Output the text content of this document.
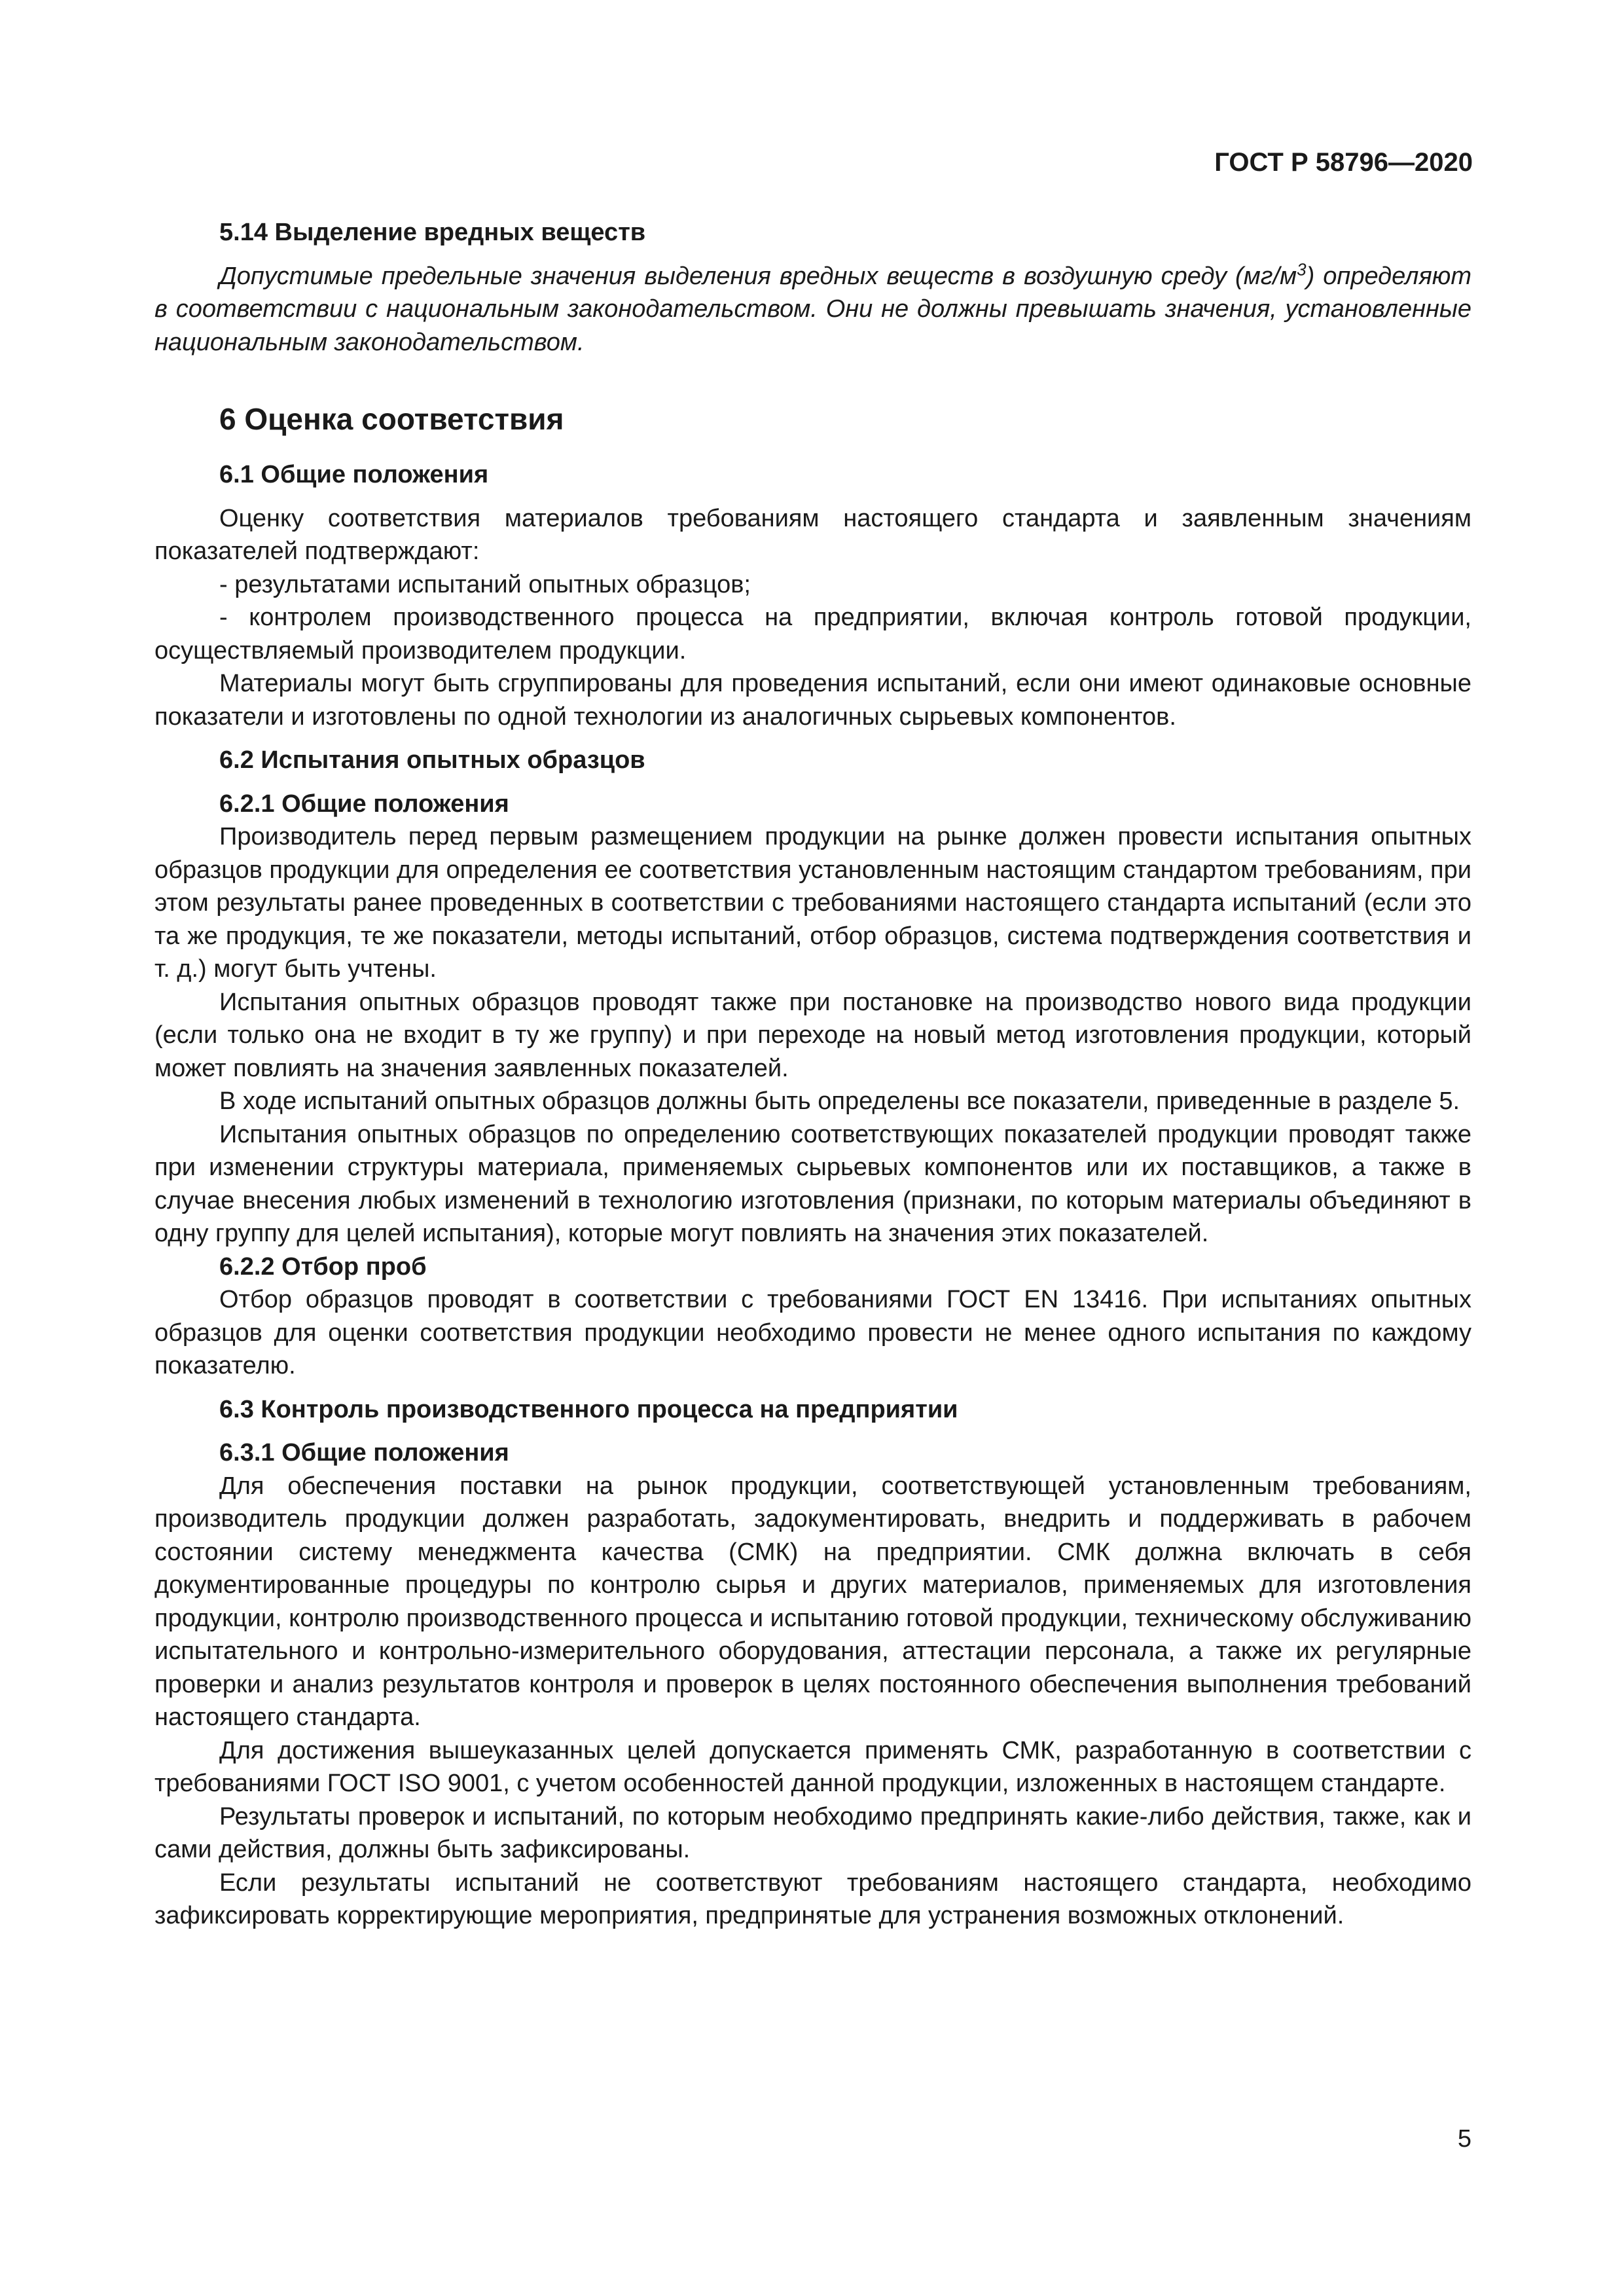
ГОСТ Р 58796—2020

5.14 Выделение вредных веществ

Допустимые предельные значения выделения вредных веществ в воздушную среду $(мг/м^3)$ определяют в соответствии с национальным законодательством. Они не должны превышать значения, установленные национальным законодательством.

6 Оценка соответствия

6.1 Общие положения

Оценку соответствия материалов требованиям настоящего стандарта и заявленным значениям показателей подтверждают:

- результатами испытаний опытных образцов;

- контролем производственного процесса на предприятии, включая контроль готовой продукции, осуществляемый производителем продукции.

Материалы могут быть сгруппированы для проведения испытаний, если они имеют одинаковые основные показатели и изготовлены по одной технологии из аналогичных сырьевых компонентов.

6.2 Испытания опытных образцов

6.2.1 Общие положения

Производитель перед первым размещением продукции на рынке должен провести испытания опытных образцов продукции для определения ее соответствия установленным настоящим стандартом требованиям, при этом результаты ранее проведенных в соответствии с требованиями настоящего стандарта испытаний (если это та же продукция, те же показатели, методы испытаний, отбор образцов, система подтверждения соответствия и т. д.) могут быть учтены.

Испытания опытных образцов проводят также при постановке на производство нового вида продукции (если только она не входит в ту же группу) и при переходе на новый метод изготовления продукции, который может повлиять на значения заявленных показателей.

В ходе испытаний опытных образцов должны быть определены все показатели, приведенные в разделе 5.

Испытания опытных образцов по определению соответствующих показателей продукции проводят также при изменении структуры материала, применяемых сырьевых компонентов или их поставщиков, а также в случае внесения любых изменений в технологию изготовления (признаки, по которым материалы объединяют в одну группу для целей испытания), которые могут повлиять на значения этих показателей.

6.2.2 Отбор проб

Отбор образцов проводят в соответствии с требованиями ГОСТ EN 13416. При испытаниях опытных образцов для оценки соответствия продукции необходимо провести не менее одного испытания по каждому показателю.

6.3 Контроль производственного процесса на предприятии

6.3.1 Общие положения

Для обеспечения поставки на рынок продукции, соответствующей установленным требованиям, производитель продукции должен разработать, задокументировать, внедрить и поддерживать в рабочем состоянии систему менеджмента качества (СМК) на предприятии. СМК должна включать в себя документированные процедуры по контролю сырья и других материалов, применяемых для изготовления продукции, контролю производственного процесса и испытанию готовой продукции, техническому обслуживанию испытательного и контрольно-измерительного оборудования, аттестации персонала, а также их регулярные проверки и анализ результатов контроля и проверок в целях постоянного обеспечения выполнения требований настоящего стандарта.

Для достижения вышеуказанных целей допускается применять СМК, разработанную в соответствии с требованиями ГОСТ ISO 9001, с учетом особенностей данной продукции, изложенных в настоящем стандарте.

Результаты проверок и испытаний, по которым необходимо предпринять какие-либо действия, также, как и сами действия, должны быть зафиксированы.

Если результаты испытаний не соответствуют требованиям настоящего стандарта, необходимо зафиксировать корректирующие мероприятия, предпринятые для устранения возможных отклонений.

5
